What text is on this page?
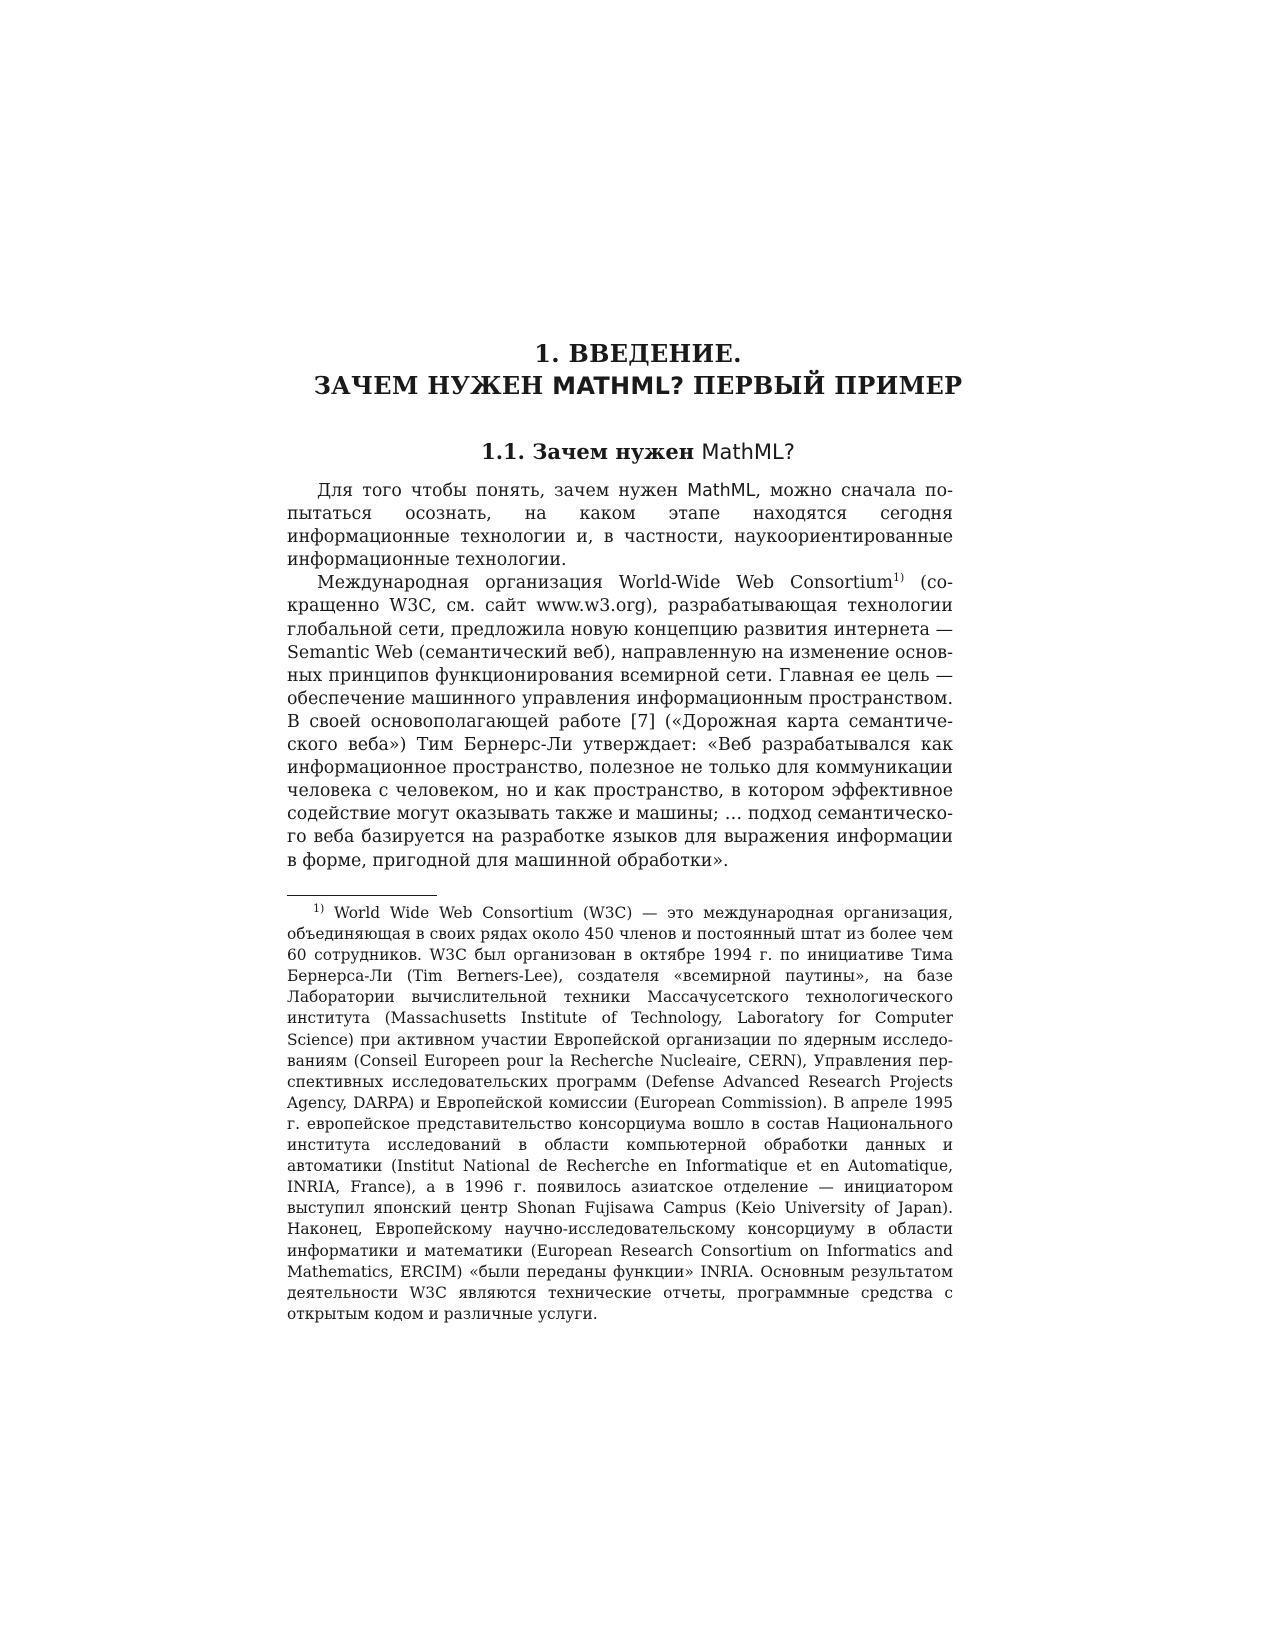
1. ВВЕДЕНИЕ.
ЗАЧЕМ НУЖЕН MATHML? ПЕРВЫЙ ПРИМЕР
1.1. Зачем нужен MathML?

Для того чтобы понять, зачем нужен MathML, можно сначала попытаться осознать, на каком этапе находятся сегодня информационные технологии и, в частности, наукоориентированные информационные технологии.

Международная организация World-Wide Web Consortium$^{1)}$ (сокращенно W3C, см. сайт www.w3.org), разрабатывающая технологии глобальной сети, предложила новую концепцию развития интернета — Semantic Web (семантический веб), направленную на изменение основных принципов функционирования всемирной сети. Главная ее цель — обеспечение машинного управления информационным пространством. В своей основополагающей работе [7] («Дорожная карта семантического веба») Тим Бернерс-Ли утверждает: «Веб разрабатывался как информационное пространство, полезное не только для коммуникации человека с человеком, но и как пространство, в котором эффективное содействие могут оказывать также и машины; … подход семантического веба базируется на разработке языков для выражения информации в форме, пригодной для машинной обработки».

$^{1)}$ World Wide Web Consortium (W3C) — это международная организация, объединяющая в своих рядах около 450 членов и постоянный штат из более чем 60 сотрудников. W3C был организован в октябре 1994 г. по инициативе Тима Бернерса-Ли (Tim Berners-Lee), создателя «всемирной паутины», на базе Лаборатории вычислительной техники Массачусетского технологического института (Massachusetts Institute of Technology, Laboratory for Computer Science) при активном участии Европейской организации по ядерным исследованиям (Conseil Europeen pour la Recherche Nucleaire, CERN), Управления перспективных исследовательских программ (Defense Advanced Research Projects Agency, DARPA) и Европейской комиссии (European Commission). В апреле 1995 г. европейское представительство консорциума вошло в состав Национального института исследований в области компьютерной обработки данных и автоматики (Institut National de Recherche en Informatique et en Automatique, INRIA, France), а в 1996 г. появилось азиатское отделение — инициатором выступил японский центр Shonan Fujisawa Campus (Keio University of Japan). Наконец, Европейскому научно-исследовательскому консорциуму в области информатики и математики (European Research Consortium on Informatics and Mathematics, ERCIM) «были переданы функции» INRIA. Основным результатом деятельности W3C являются технические отчеты, программные средства с открытым кодом и различные услуги.
